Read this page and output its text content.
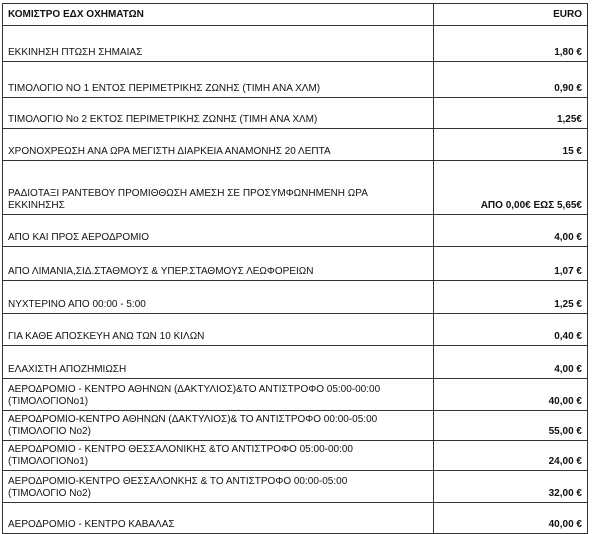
ΚΟΜΙΣΤΡΟ ΕΔΧ ΟΧΗΜΑΤΩΝ	EURO

ΕΚΚΙΝΗΣΗ ΠΤΩΣΗ ΣΗΜΑΙΑΣ	1,80 €

ΤΙΜΟΛΟΓΙΟ ΝΟ 1 ΕΝΤΟΣ ΠΕΡΙΜΕΤΡΙΚΗΣ ΖΩΝΗΣ (ΤΙΜΗ ΑΝΑ ΧΛΜ)	0,90 €

ΤΙΜΟΛΟΓΙΟ Νο 2 ΕΚΤΟΣ ΠΕΡΙΜΕΤΡΙΚΗΣ ΖΩΝΗΣ (ΤΙΜΗ ΑΝΑ ΧΛΜ)	1,25€

ΧΡΟΝΟΧΡΕΩΣΗ ΑΝΑ ΩΡΑ ΜΕΓΙΣΤΗ ΔΙΑΡΚΕΙΑ ΑΝΑΜΟΝΗΣ 20 ΛΕΠΤΑ	15 €

ΡΑΔΙΟΤΑΞΙ ΡΑΝΤΕΒΟΥ ΠΡΟΜΙΘΘΩΣΗ ΑΜΕΣΗ ΣΕ ΠΡΟΣΥΜΦΩΝΗΜΕΝΗ ΩΡΑ
ΕΚΚΙΝΗΣΗΣ	ΑΠΟ 0,00€ ΕΩΣ 5,65€

ΑΠΟ ΚΑΙ ΠΡΟΣ ΑΕΡΟΔΡΟΜΙΟ	4,00 €

ΑΠΟ ΛΙΜΑΝΙΑ,ΣΙΔ.ΣΤΑΘΜΟΥΣ & ΥΠΕΡ.ΣΤΑΘΜΟΥΣ ΛΕΩΦΟΡΕΙΩΝ	1,07 €

ΝΥΧΤΕΡΙΝΟ ΑΠΟ 00:00 - 5:00	1,25 €

ΓΙΑ ΚΑΘΕ ΑΠΟΣΚΕΥΗ ΑΝΩ ΤΩΝ 10 ΚΙΛΩΝ	0,40 €

ΕΛΑΧΙΣΤΗ ΑΠΟΖΗΜΙΩΣΗ	4,00 €

ΑΕΡΟΔΡΟΜΙΟ - ΚΕΝΤΡΟ ΑΘΗΝΩΝ (ΔΑΚΤΥΛΙΟΣ)&ΤΟ ΑΝΤΙΣΤΡΟΦΟ 05:00-00:00
(ΤΙΜΟΛΟΓΙΟΝο1)	40,00 €

ΑΕΡΟΔΡΟΜΙΟ-ΚΕΝΤΡΟ ΑΘΗΝΩΝ (ΔΑΚΤΥΛΙΟΣ)& ΤΟ ΑΝΤΙΣΤΡΟΦΟ 00:00-05:00
(ΤΙΜΟΛΟΓΙΟ Νο2)	55,00 €

ΑΕΡΟΔΡΟΜΙΟ - ΚΕΝΤΡΟ ΘΕΣΣΑΛΟΝΙΚΗΣ &ΤΟ ΑΝΤΙΣΤΡΟΦΟ 05:00-00:00
(ΤΙΜΟΛΟΓΙΟΝο1)	24,00 €

ΑΕΡΟΔΡΟΜΙΟ-ΚΕΝΤΡΟ ΘΕΣΣΑΛΟΝΚΗΣ & ΤΟ ΑΝΤΙΣΤΡΟΦΟ 00:00-05:00
(ΤΙΜΟΛΟΓΙΟ Νο2)	32,00 €

ΑΕΡΟΔΡΟΜΙΟ - ΚΕΝΤΡΟ ΚΑΒΑΛΑΣ	40,00 €
